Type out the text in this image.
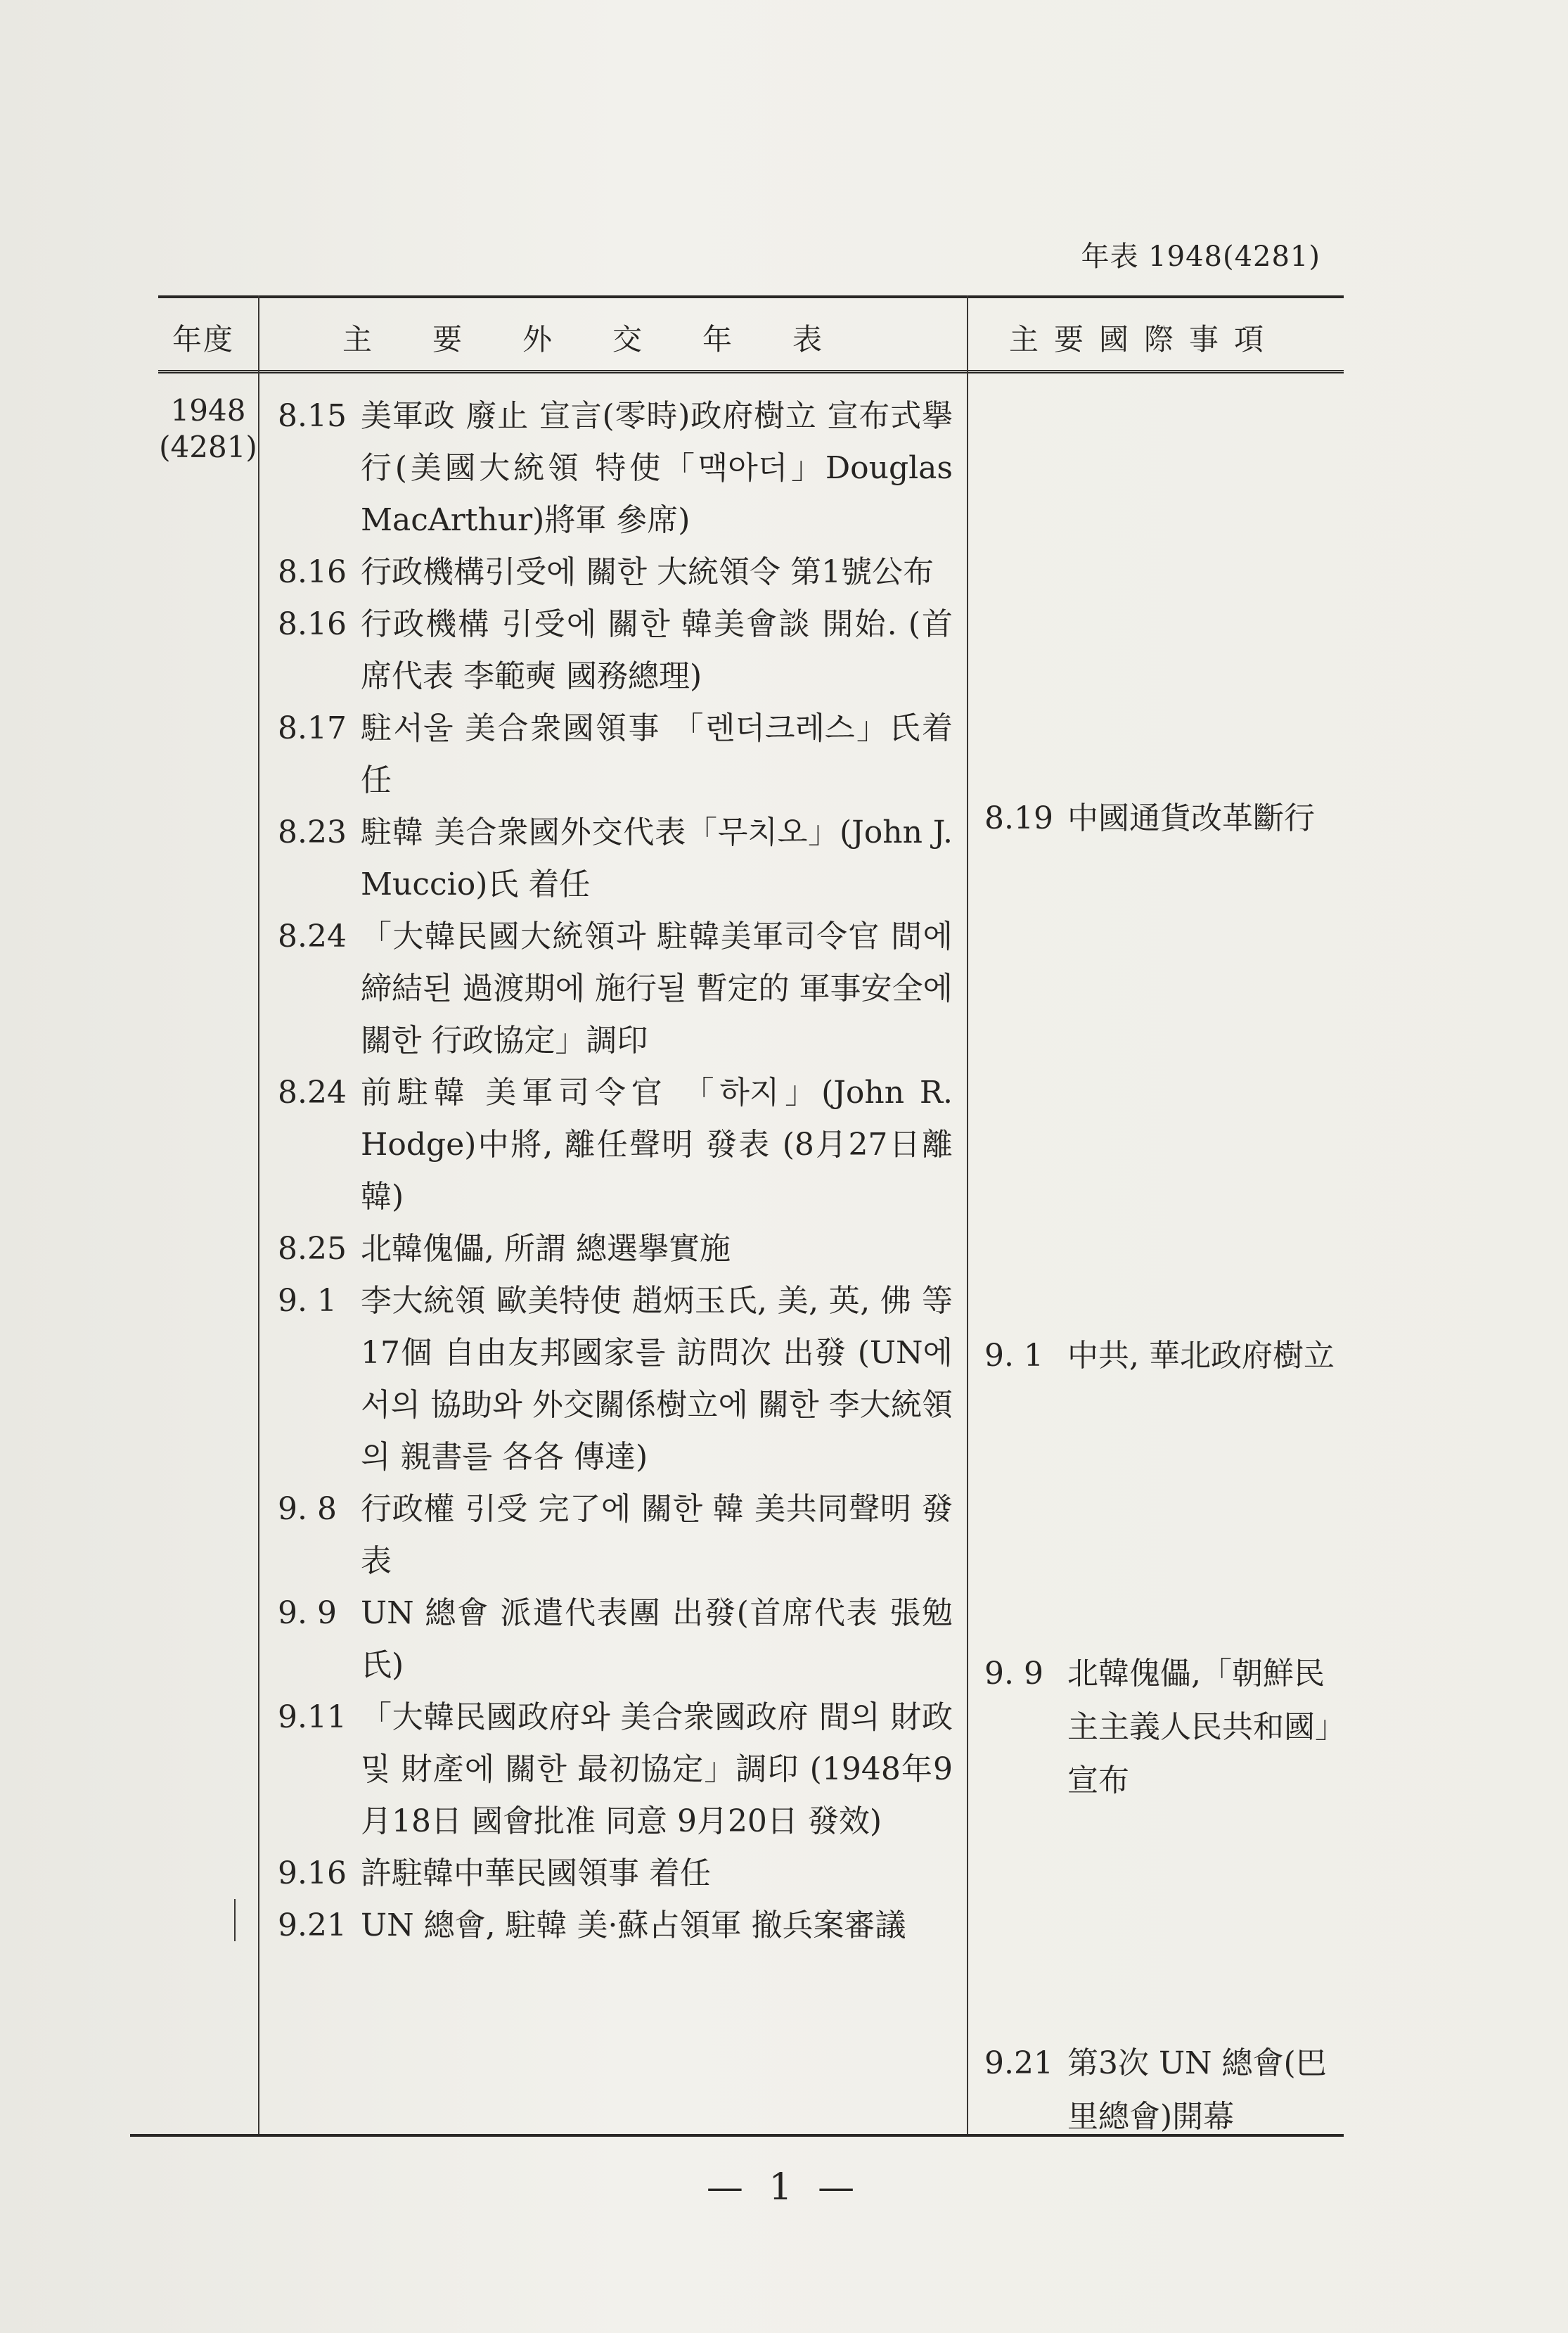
年表 1948(4281)
年度	主要外交年表	主要國際事項
1948
(4281)
8.15 美軍政 廢止 宣言(零時)政府樹立 宣布式擧行(美國大統領 特使「맥아더」Douglas MacArthur)將軍 參席)
8.16 行政機構引受에 關한 大統領令 第1號公布
8.16 行政機構 引受에 關한 韓美會談 開始. (首席代表 李範奭 國務總理)
8.17 駐서울 美合衆國領事 「렌더크레스」氏着任
8.23 駐韓 美合衆國外交代表「무치오」(John J. Muccio)氏 着任
8.24 「大韓民國大統領과 駐韓美軍司令官 間에 締結된 過渡期에 施行될 暫定的 軍事安全에 關한 行政協定」調印
8.24 前駐韓 美軍司令官 「하지」(John R. Hodge)中將, 離任聲明 發表 (8月27日離韓)
8.25 北韓傀儡, 所謂 總選擧實施
9. 1 李大統領 歐美特使 趙炳玉氏, 美, 英, 佛 等 17個 自由友邦國家를 訪問次 出發 (UN에서의 協助와 外交關係樹立에 關한 李大統領의 親書를 各各 傳達)
9. 8 行政權 引受 完了에 關한 韓 美共同聲明 發表
9. 9 UN 總會 派遣代表團 出發(首席代表 張勉氏)
9.11 「大韓民國政府와 美合衆國政府 間의 財政 및 財產에 關한 最初協定」調印 (1948年9月18日 國會批准 同意 9月20日 發效)
9.16 許駐韓中華民國領事 着任
9.21 UN 總會, 駐韓 美·蘇占領軍 撤兵案審議
8.19 中國通貨改革斷行
9. 1 中共, 華北政府樹立
9. 9 北韓傀儡,「朝鮮民主主義人民共和國」宣布
9.21 第3次 UN 總會(巴里總會)開幕
— 1 —
